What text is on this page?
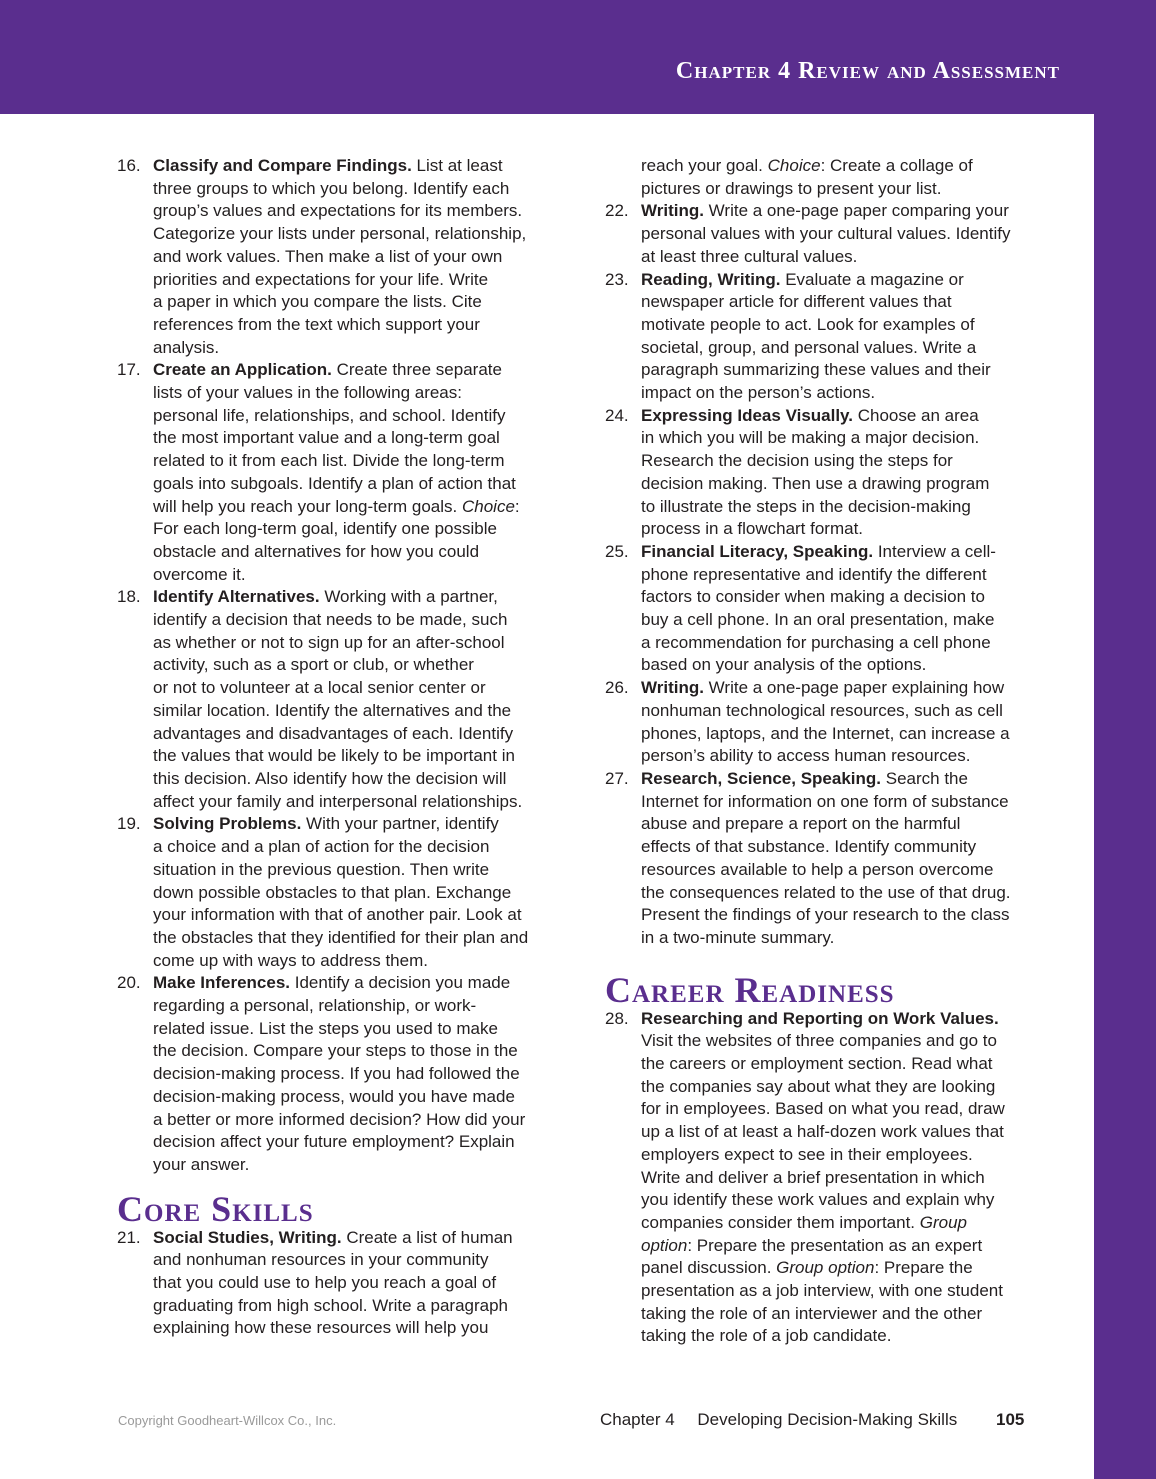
Chapter 4 Review and Assessment
16. Classify and Compare Findings. List at least
three groups to which you belong. Identify each
group’s values and expectations for its members.
Categorize your lists under personal, relationship,
and work values. Then make a list of your own
priorities and expectations for your life. Write
a paper in which you compare the lists. Cite
references from the text which support your
analysis.
17. Create an Application. Create three separate
lists of your values in the following areas:
personal life, relationships, and school. Identify
the most important value and a long-term goal
related to it from each list. Divide the long-term
goals into subgoals. Identify a plan of action that
will help you reach your long-term goals. Choice:
For each long-term goal, identify one possible
obstacle and alternatives for how you could
overcome it.
18. Identify Alternatives. Working with a partner,
identify a decision that needs to be made, such
as whether or not to sign up for an after-school
activity, such as a sport or club, or whether
or not to volunteer at a local senior center or
similar location. Identify the alternatives and the
advantages and disadvantages of each. Identify
the values that would be likely to be important in
this decision. Also identify how the decision will
affect your family and interpersonal relationships.
19. Solving Problems. With your partner, identify
a choice and a plan of action for the decision
situation in the previous question. Then write
down possible obstacles to that plan. Exchange
your information with that of another pair. Look at
the obstacles that they identified for their plan and
come up with ways to address them.
20. Make Inferences. Identify a decision you made
regarding a personal, relationship, or work-
related issue. List the steps you used to make
the decision. Compare your steps to those in the
decision-making process. If you had followed the
decision-making process, would you have made
a better or more informed decision? How did your
decision affect your future employment? Explain
your answer.
Core Skills
21. Social Studies, Writing. Create a list of human
and nonhuman resources in your community
that you could use to help you reach a goal of
graduating from high school. Write a paragraph
explaining how these resources will help you
reach your goal. Choice: Create a collage of
pictures or drawings to present your list.
22. Writing. Write a one-page paper comparing your
personal values with your cultural values. Identify
at least three cultural values.
23. Reading, Writing. Evaluate a magazine or
newspaper article for different values that
motivate people to act. Look for examples of
societal, group, and personal values. Write a
paragraph summarizing these values and their
impact on the person’s actions.
24. Expressing Ideas Visually. Choose an area
in which you will be making a major decision.
Research the decision using the steps for
decision making. Then use a drawing program
to illustrate the steps in the decision-making
process in a flowchart format.
25. Financial Literacy, Speaking. Interview a cell-
phone representative and identify the different
factors to consider when making a decision to
buy a cell phone. In an oral presentation, make
a recommendation for purchasing a cell phone
based on your analysis of the options.
26. Writing. Write a one-page paper explaining how
nonhuman technological resources, such as cell
phones, laptops, and the Internet, can increase a
person’s ability to access human resources.
27. Research, Science, Speaking. Search the
Internet for information on one form of substance
abuse and prepare a report on the harmful
effects of that substance. Identify community
resources available to help a person overcome
the consequences related to the use of that drug.
Present the findings of your research to the class
in a two-minute summary.
Career Readiness
28. Researching and Reporting on Work Values.
Visit the websites of three companies and go to
the careers or employment section. Read what
the companies say about what they are looking
for in employees. Based on what you read, draw
up a list of at least a half-dozen work values that
employers expect to see in their employees.
Write and deliver a brief presentation in which
you identify these work values and explain why
companies consider them important. Group
option: Prepare the presentation as an expert
panel discussion. Group option: Prepare the
presentation as a job interview, with one student
taking the role of an interviewer and the other
taking the role of a job candidate.
Copyright Goodheart-Willcox Co., Inc.	Chapter 4 Developing Decision-Making Skills 105
